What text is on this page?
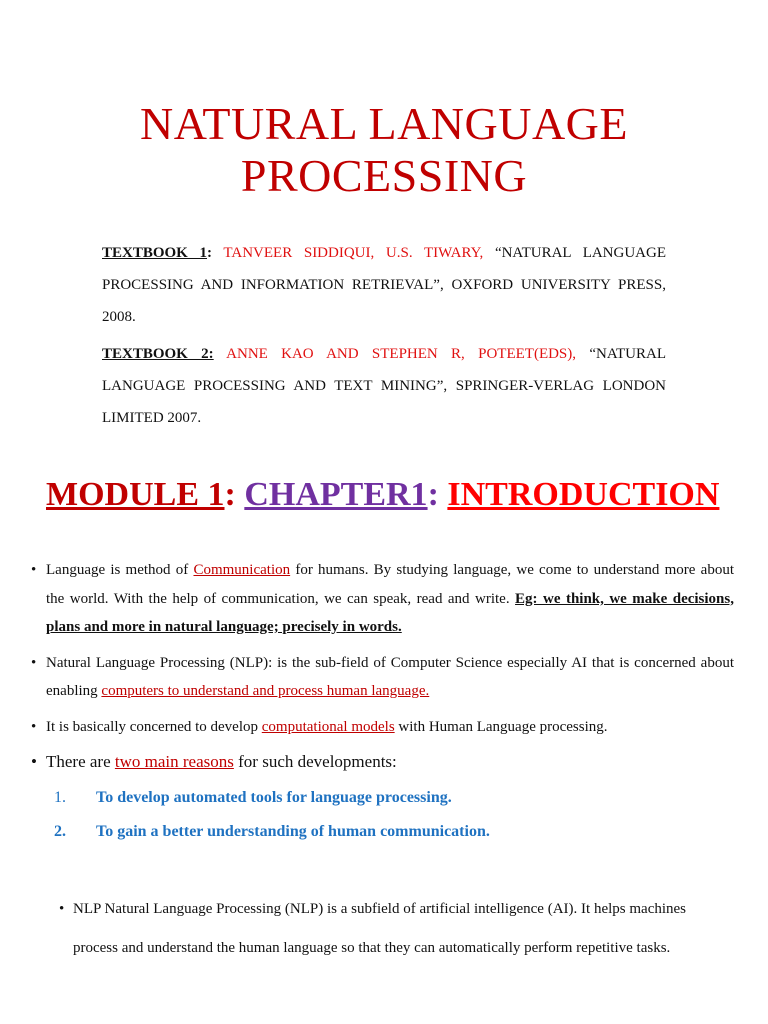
NATURAL LANGUAGE
PROCESSING

TEXTBOOK 1: TANVEER SIDDIQUI, U.S. TIWARY, “NATURAL LANGUAGE PROCESSING AND INFORMATION RETRIEVAL”, OXFORD UNIVERSITY PRESS, 2008.

TEXTBOOK 2: ANNE KAO AND STEPHEN R, POTEET(EDS), “NATURAL LANGUAGE PROCESSING AND TEXT MINING”, SPRINGER-VERLAG LONDON LIMITED 2007.

MODULE 1: CHAPTER1: INTRODUCTION
• Language is method of Communication for humans. By studying language, we come to understand more about the world. With the help of communication, we can speak, read and write. Eg: we think, we make decisions, plans and more in natural language; precisely in words.
• Natural Language Processing (NLP): is the sub-field of Computer Science especially AI that is concerned about enabling computers to understand and process human language.
• It is basically concerned to develop computational models with Human Language processing.
• There are two main reasons for such developments:
1.	To develop automated tools for language processing.
2.	To gain a better understanding of human communication.
• NLP Natural Language Processing (NLP) is a subfield of artificial intelligence (AI). It helps machines process and understand the human language so that they can automatically perform repetitive tasks.
